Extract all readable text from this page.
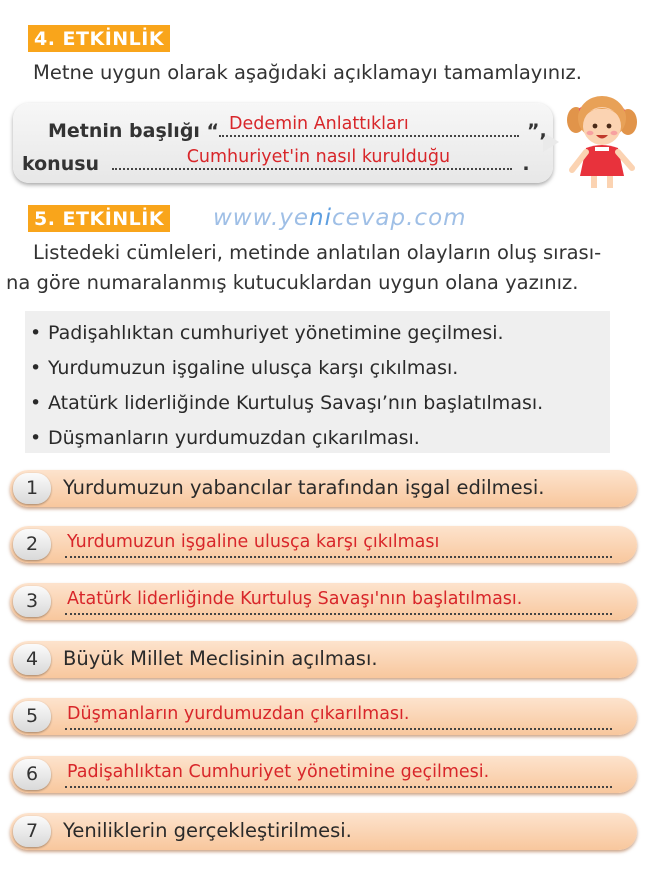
4. ETKİNLİK
Metne uygun olarak aşağıdaki açıklamayı tamamlayınız.
Metnin başlığı “ Dedemin Anlattıkları	”,
konusu	Cumhuriyet'in nasıl kurulduğu	.
5. ETKİNLİK www.yenicevap.com
Listedeki cümleleri, metinde anlatılan olayların oluş sırası-
na göre numaralanmış kutucuklardan uygun olana yazınız.
• Padişahlıktan cumhuriyet yönetimine geçilmesi.
• Yurdumuzun işgaline ulusça karşı çıkılması.
• Atatürk liderliğinde Kurtuluş Savaşı’nın başlatılması.
• Düşmanların yurdumuzdan çıkarılması.
1	Yurdumuzun yabancılar tarafından işgal edilmesi.
2	Yurdumuzun işgaline ulusça karşı çıkılması
3	Atatürk liderliğinde Kurtuluş Savaşı'nın başlatılması.
4	Büyük Millet Meclisinin açılması.
5	Düşmanların yurdumuzdan çıkarılması.
6	Padişahlıktan Cumhuriyet yönetimine geçilmesi.
7	Yeniliklerin gerçekleştirilmesi.
